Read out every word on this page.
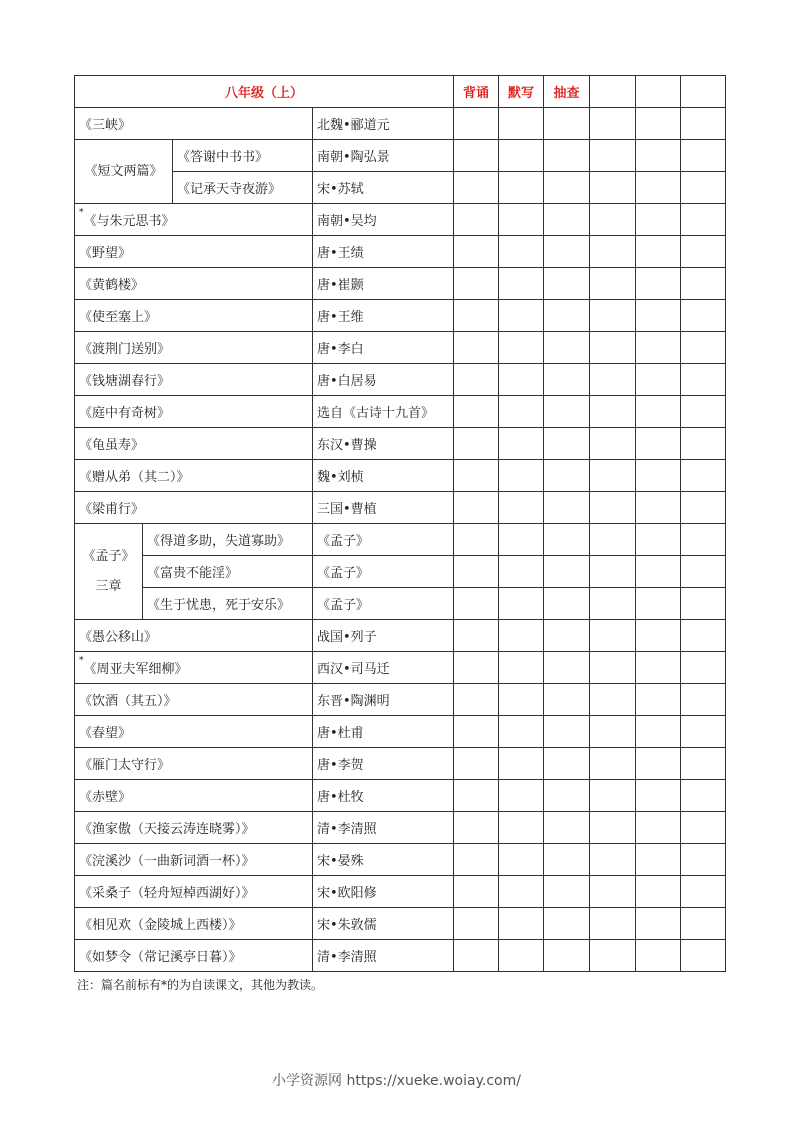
八年级（上）				背诵	默写	抽查			
《三峡》			北魏•郦道元						
《短文两篇》		《答谢中书书》	南朝•陶弘景						
		《记承天寺夜游》	宋•苏轼						
*《与朱元思书》			南朝•吴均						
《野望》			唐•王绩						
《黄鹤楼》			唐•崔颢						
《使至塞上》			唐•王维						
《渡荆门送别》			唐•李白						
《钱塘湖春行》			唐•白居易						
《庭中有奇树》			选自《古诗十九首》						
《龟虽寿》			东汉•曹操						
《赠从弟（其二）》			魏•刘桢						
《梁甫行》			三国•曹植						
《孟子》
三章	《得道多助，失道寡助》		《孟子》						
	《富贵不能淫》		《孟子》						
	《生于忧患，死于安乐》		《孟子》						
《愚公移山》			战国•列子						
*《周亚夫军细柳》			西汉•司马迁						
《饮酒（其五）》			东晋•陶渊明						
《春望》			唐•杜甫						
《雁门太守行》			唐•李贺						
《赤壁》			唐•杜牧						
《渔家傲（天接云涛连晓雾）》			清•李清照						
《浣溪沙（一曲新词酒一杯）》			宋•晏殊						
《采桑子（轻舟短棹西湖好）》			宋•欧阳修						
《相见欢（金陵城上西楼）》			宋•朱敦儒						
《如梦令（常记溪亭日暮）》			清•李清照						
注：篇名前标有*的为自读课文，其他为教读。
小学资源网 https://xueke.woiay.com/
